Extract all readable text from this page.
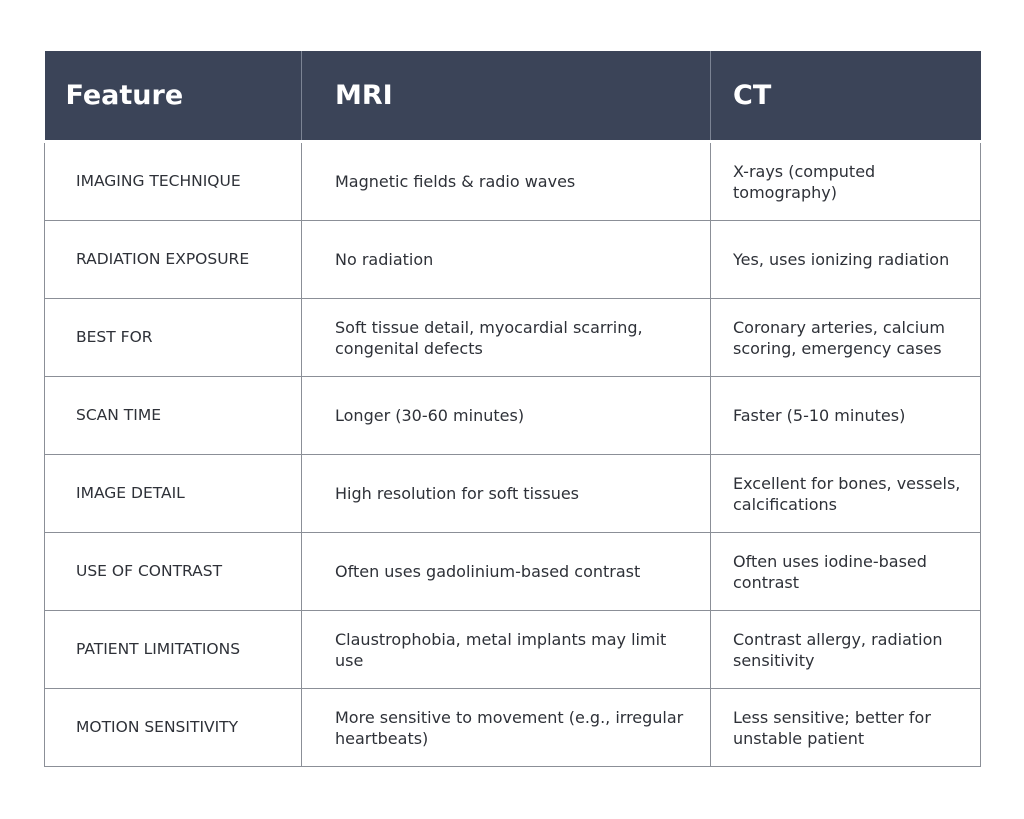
Feature	MRI	CT

IMAGING TECHNIQUE	Magnetic fields & radio waves	X-rays (computed tomography)

RADIATION EXPOSURE	No radiation	Yes, uses ionizing radiation

BEST FOR	Soft tissue detail, myocardial scarring, congenital defects	Coronary arteries, calcium scoring, emergency cases

SCAN TIME	Longer (30-60 minutes)	Faster (5-10 minutes)

IMAGE DETAIL	High resolution for soft tissues	Excellent for bones, vessels, calcifications

USE OF CONTRAST	Often uses gadolinium-based contrast	Often uses iodine-based contrast

PATIENT LIMITATIONS	Claustrophobia, metal implants may limit use	Contrast allergy, radiation sensitivity

MOTION SENSITIVITY	More sensitive to movement (e.g., irregular heartbeats)	Less sensitive; better for unstable patient
